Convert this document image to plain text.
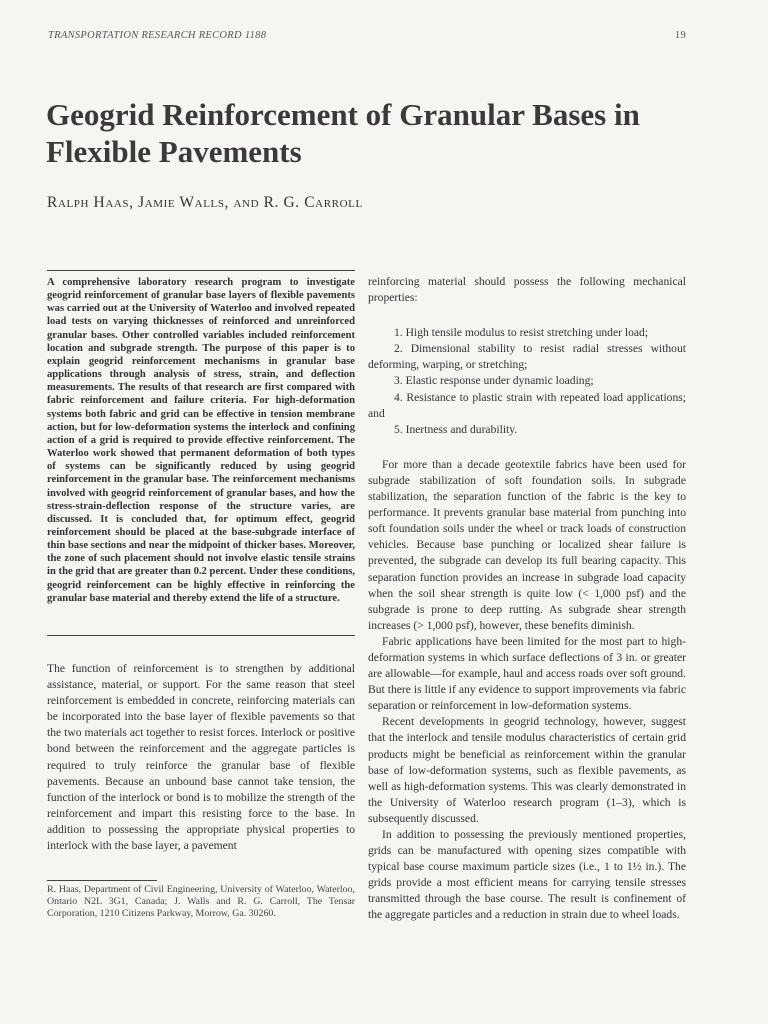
TRANSPORTATION RESEARCH RECORD 1188	19
Geogrid Reinforcement of Granular Bases in
Flexible Pavements
Ralph Haas, Jamie Walls, and R. G. Carroll
A comprehensive laboratory research program to investigate geogrid reinforcement of granular base layers of flexible pavements was carried out at the University of Waterloo and involved repeated load tests on varying thicknesses of reinforced and unreinforced granular bases. Other controlled variables included reinforcement location and subgrade strength. The purpose of this paper is to explain geogrid reinforcement mechanisms in granular base applications through analysis of stress, strain, and deflection measurements. The results of that research are first compared with fabric reinforcement and failure criteria. For high-deformation systems both fabric and grid can be effective in tension membrane action, but for low-deformation systems the interlock and confining action of a grid is required to provide effective reinforcement. The Waterloo work showed that permanent deformation of both types of systems can be significantly reduced by using geogrid reinforcement in the granular base. The reinforcement mechanisms involved with geogrid reinforcement of granular bases, and how the stress-strain-deflection response of the structure varies, are discussed. It is concluded that, for optimum effect, geogrid reinforcement should be placed at the base-subgrade interface of thin base sections and near the midpoint of thicker bases. Moreover, the zone of such placement should not involve elastic tensile strains in the grid that are greater than 0.2 percent. Under these conditions, geogrid reinforcement can be highly effective in reinforcing the granular base material and thereby extend the life of a structure.

The function of reinforcement is to strengthen by additional assistance, material, or support. For the same reason that steel reinforcement is embedded in concrete, reinforcing materials can be incorporated into the base layer of flexible pavements so that the two materials act together to resist forces. Interlock or positive bond between the reinforcement and the aggregate particles is required to truly reinforce the granular base of flexible pavements. Because an unbound base cannot take tension, the function of the interlock or bond is to mobilize the strength of the reinforcement and impart this resisting force to the base. In addition to possessing the appropriate physical properties to interlock with the base layer, a pavement

R. Haas, Department of Civil Engineering, University of Waterloo, Waterloo, Ontario N2L 3G1, Canada; J. Walls and R. G. Carroll, The Tensar Corporation, 1210 Citizens Parkway, Morrow, Ga. 30260.

reinforcing material should possess the following mechanical properties:

1. High tensile modulus to resist stretching under load;
2. Dimensional stability to resist radial stresses without deforming, warping, or stretching;
3. Elastic response under dynamic loading;
4. Resistance to plastic strain with repeated load applications; and
5. Inertness and durability.

For more than a decade geotextile fabrics have been used for subgrade stabilization of soft foundation soils. In subgrade stabilization, the separation function of the fabric is the key to performance. It prevents granular base material from punching into soft foundation soils under the wheel or track loads of construction vehicles. Because base punching or localized shear failure is prevented, the subgrade can develop its full bearing capacity. This separation function provides an increase in subgrade load capacity when the soil shear strength is quite low (< 1,000 psf) and the subgrade is prone to deep rutting. As subgrade shear strength increases (> 1,000 psf), however, these benefits diminish.

Fabric applications have been limited for the most part to high-deformation systems in which surface deflections of 3 in. or greater are allowable—for example, haul and access roads over soft ground. But there is little if any evidence to support improvements via fabric separation or reinforcement in low-deformation systems.

Recent developments in geogrid technology, however, suggest that the interlock and tensile modulus characteristics of certain grid products might be beneficial as reinforcement within the granular base of low-deformation systems, such as flexible pavements, as well as high-deformation systems. This was clearly demonstrated in the University of Waterloo research program (1–3), which is subsequently discussed.

In addition to possessing the previously mentioned properties, grids can be manufactured with opening sizes compatible with typical base course maximum particle sizes (i.e., 1 to 1½ in.). The grids provide a most efficient means for carrying tensile stresses transmitted through the base course. The result is confinement of the aggregate particles and a reduction in strain due to wheel loads.
